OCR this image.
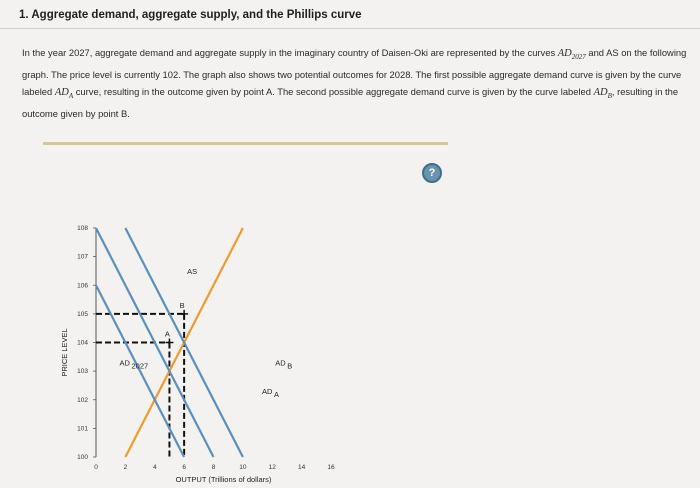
1. Aggregate demand, aggregate supply, and the Phillips curve
In the year 2027, aggregate demand and aggregate supply in the imaginary country of Daisen-Oki are represented by the curves $AD_{2027}$ and AS on the following graph. The price level is currently 102. The graph also shows two potential outcomes for 2028. The first possible aggregate demand curve is given by the curve labeled $AD_A$ curve, resulting in the outcome given by point A. The second possible aggregate demand curve is given by the curve labeled $AD_B$, resulting in the outcome given by point B.
?
100
101
102
103
104
105
106
107
108
0	2	4	6	8	10	12	14	16
OUTPUT (Trillions of dollars)
PRICE LEVEL
AS
AD 2027
AD A
AD B
A
B
